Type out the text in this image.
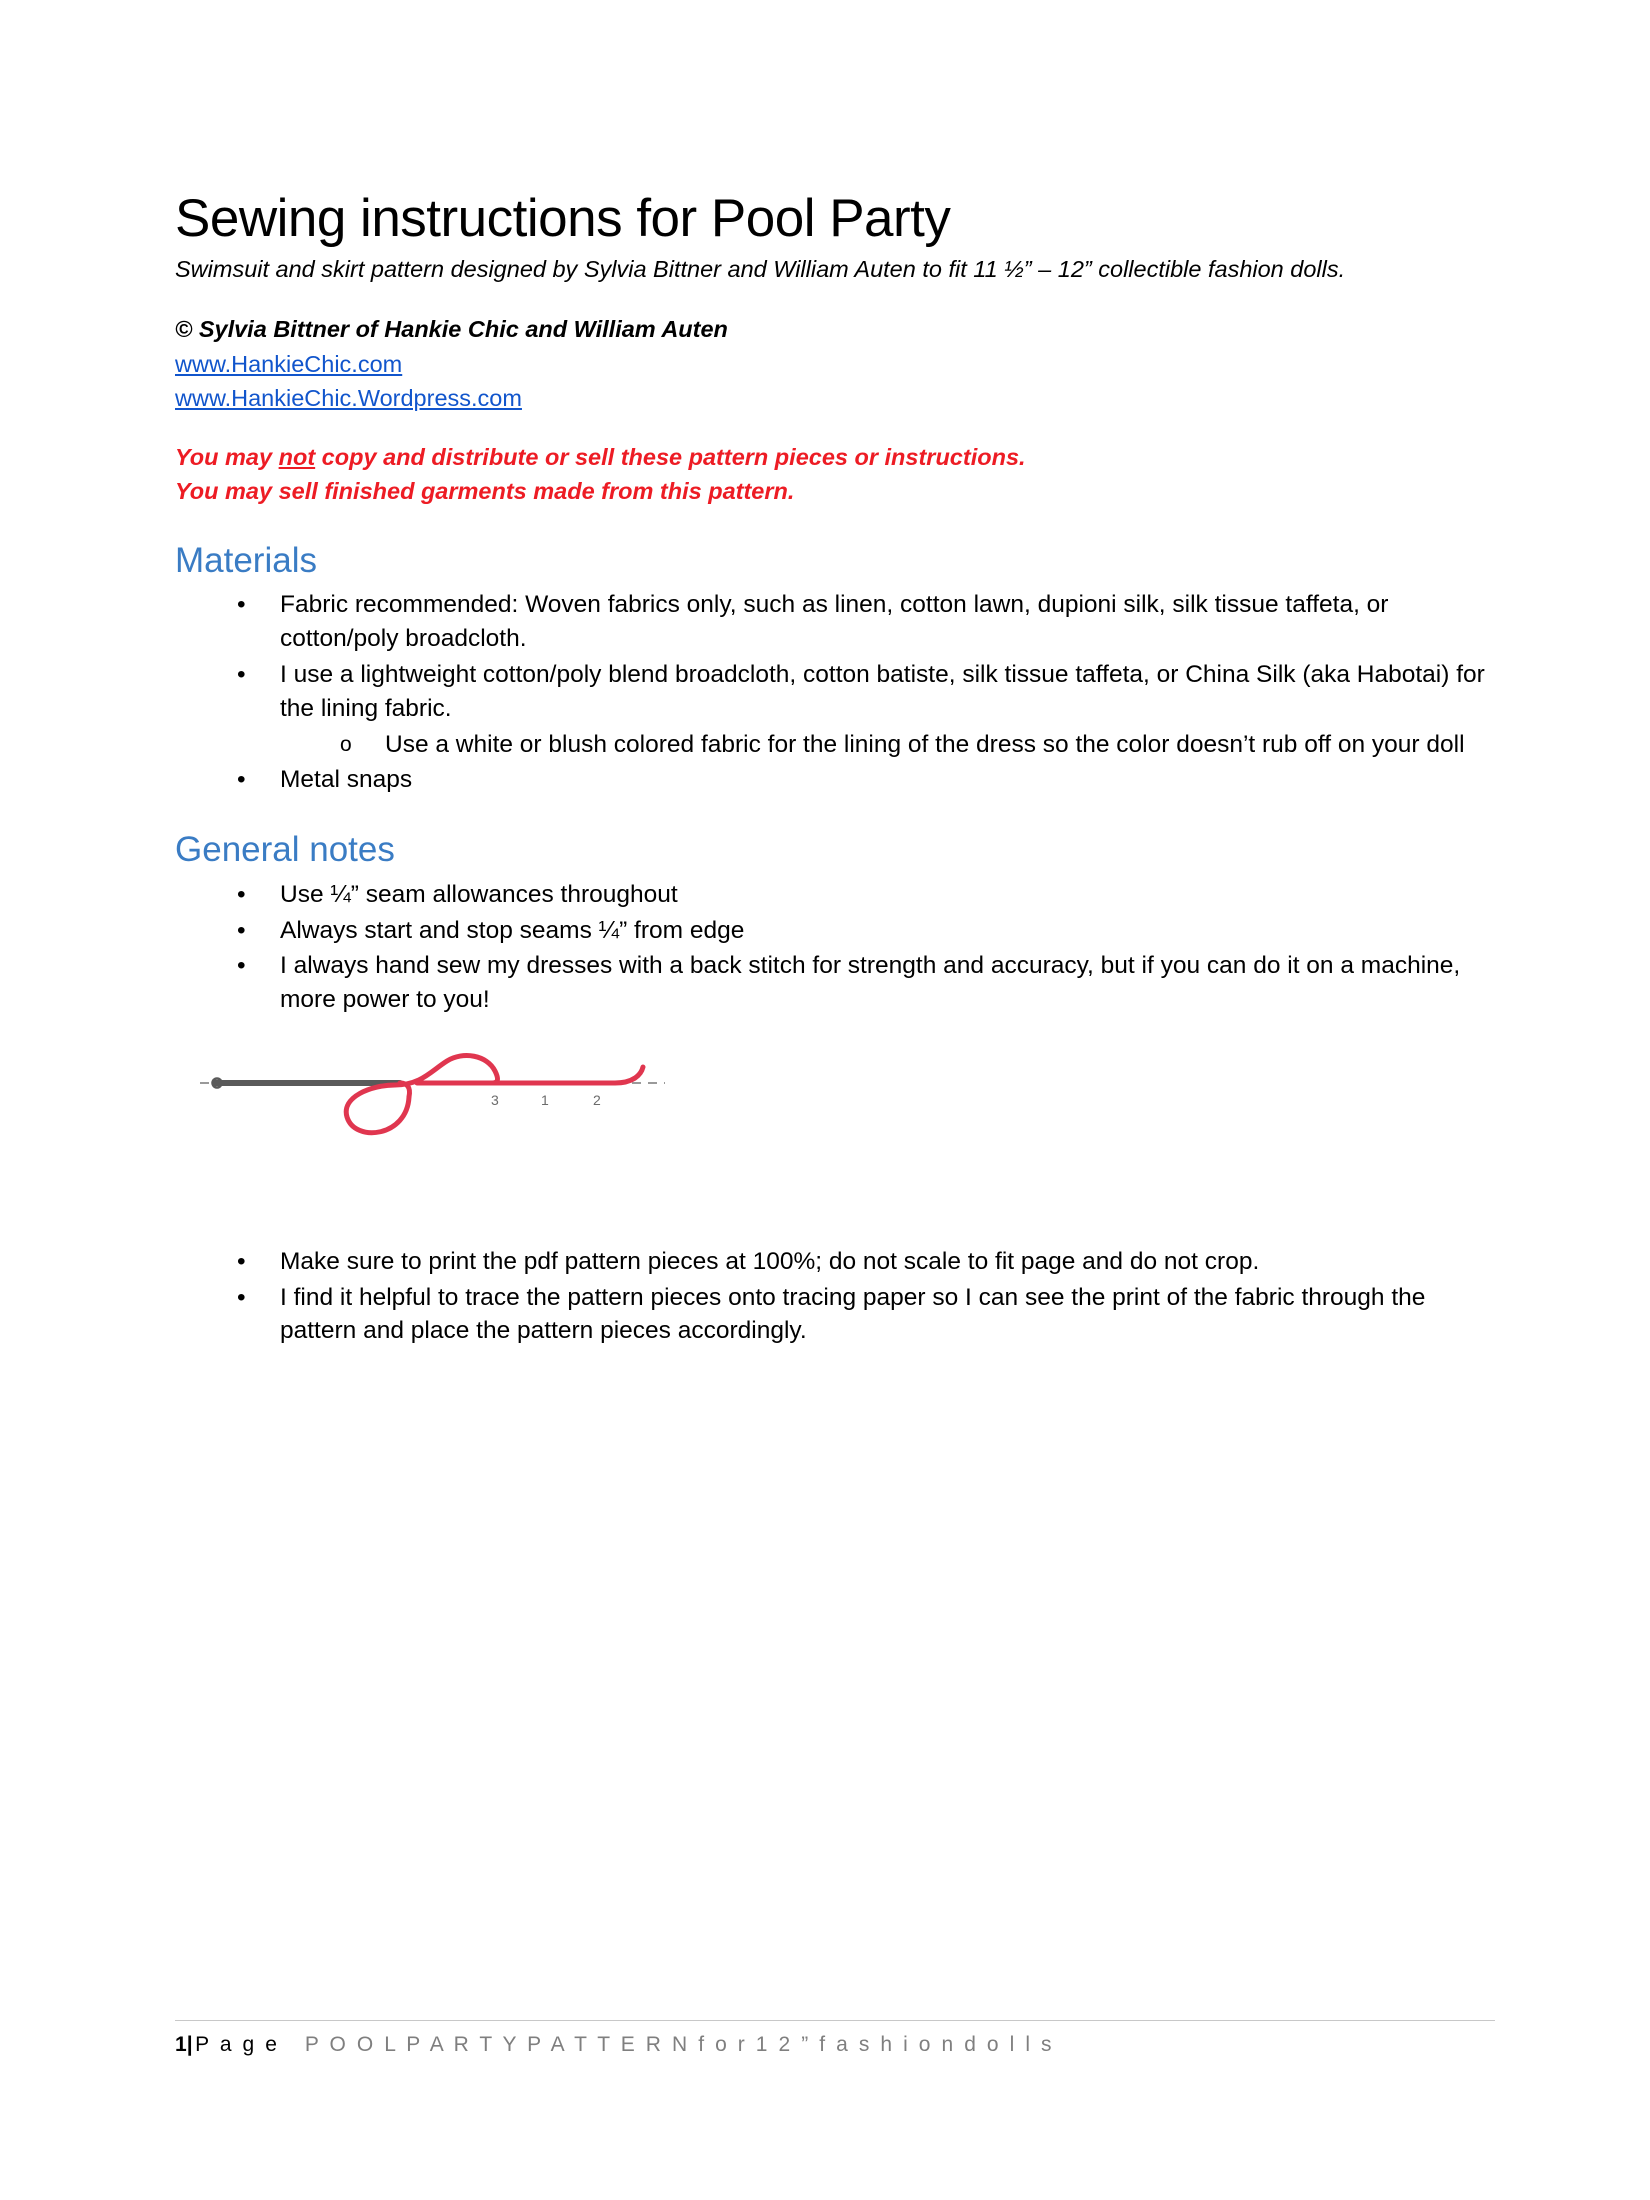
Sewing instructions for Pool Party

Swimsuit and skirt pattern designed by Sylvia Bittner and William Auten to fit 11 ½” – 12” collectible fashion dolls.

© Sylvia Bittner of Hankie Chic and William Auten

www.HankieChic.com
www.HankieChic.Wordpress.com
You may not copy and distribute or sell these pattern pieces or instructions.
You may sell finished garments made from this pattern.
Materials
• Fabric recommended: Woven fabrics only, such as linen, cotton lawn, dupioni silk, silk tissue taffeta, or cotton/poly broadcloth.
• I use a lightweight cotton/poly blend broadcloth, cotton batiste, silk tissue taffeta, or China Silk (aka Habotai) for the lining fabric.
o Use a white or blush colored fabric for the lining of the dress so the color doesn’t rub off on your doll
• Metal snaps
General notes
• Use ¼” seam allowances throughout
• Always start and stop seams ¼” from edge
• I always hand sew my dresses with a back stitch for strength and accuracy, but if you can do it on a machine, more power to you!
3	1	2
• Make sure to print the pdf pattern pieces at 100%; do not scale to fit page and do not crop.
• I find it helpful to trace the pattern pieces onto tracing paper so I can see the print of the fabric through the pattern and place the pattern pieces accordingly.
1|P a g e P O O L P A R T Y P A T T E R N f o r 1 2 ” f a s h i o n d o l l s
